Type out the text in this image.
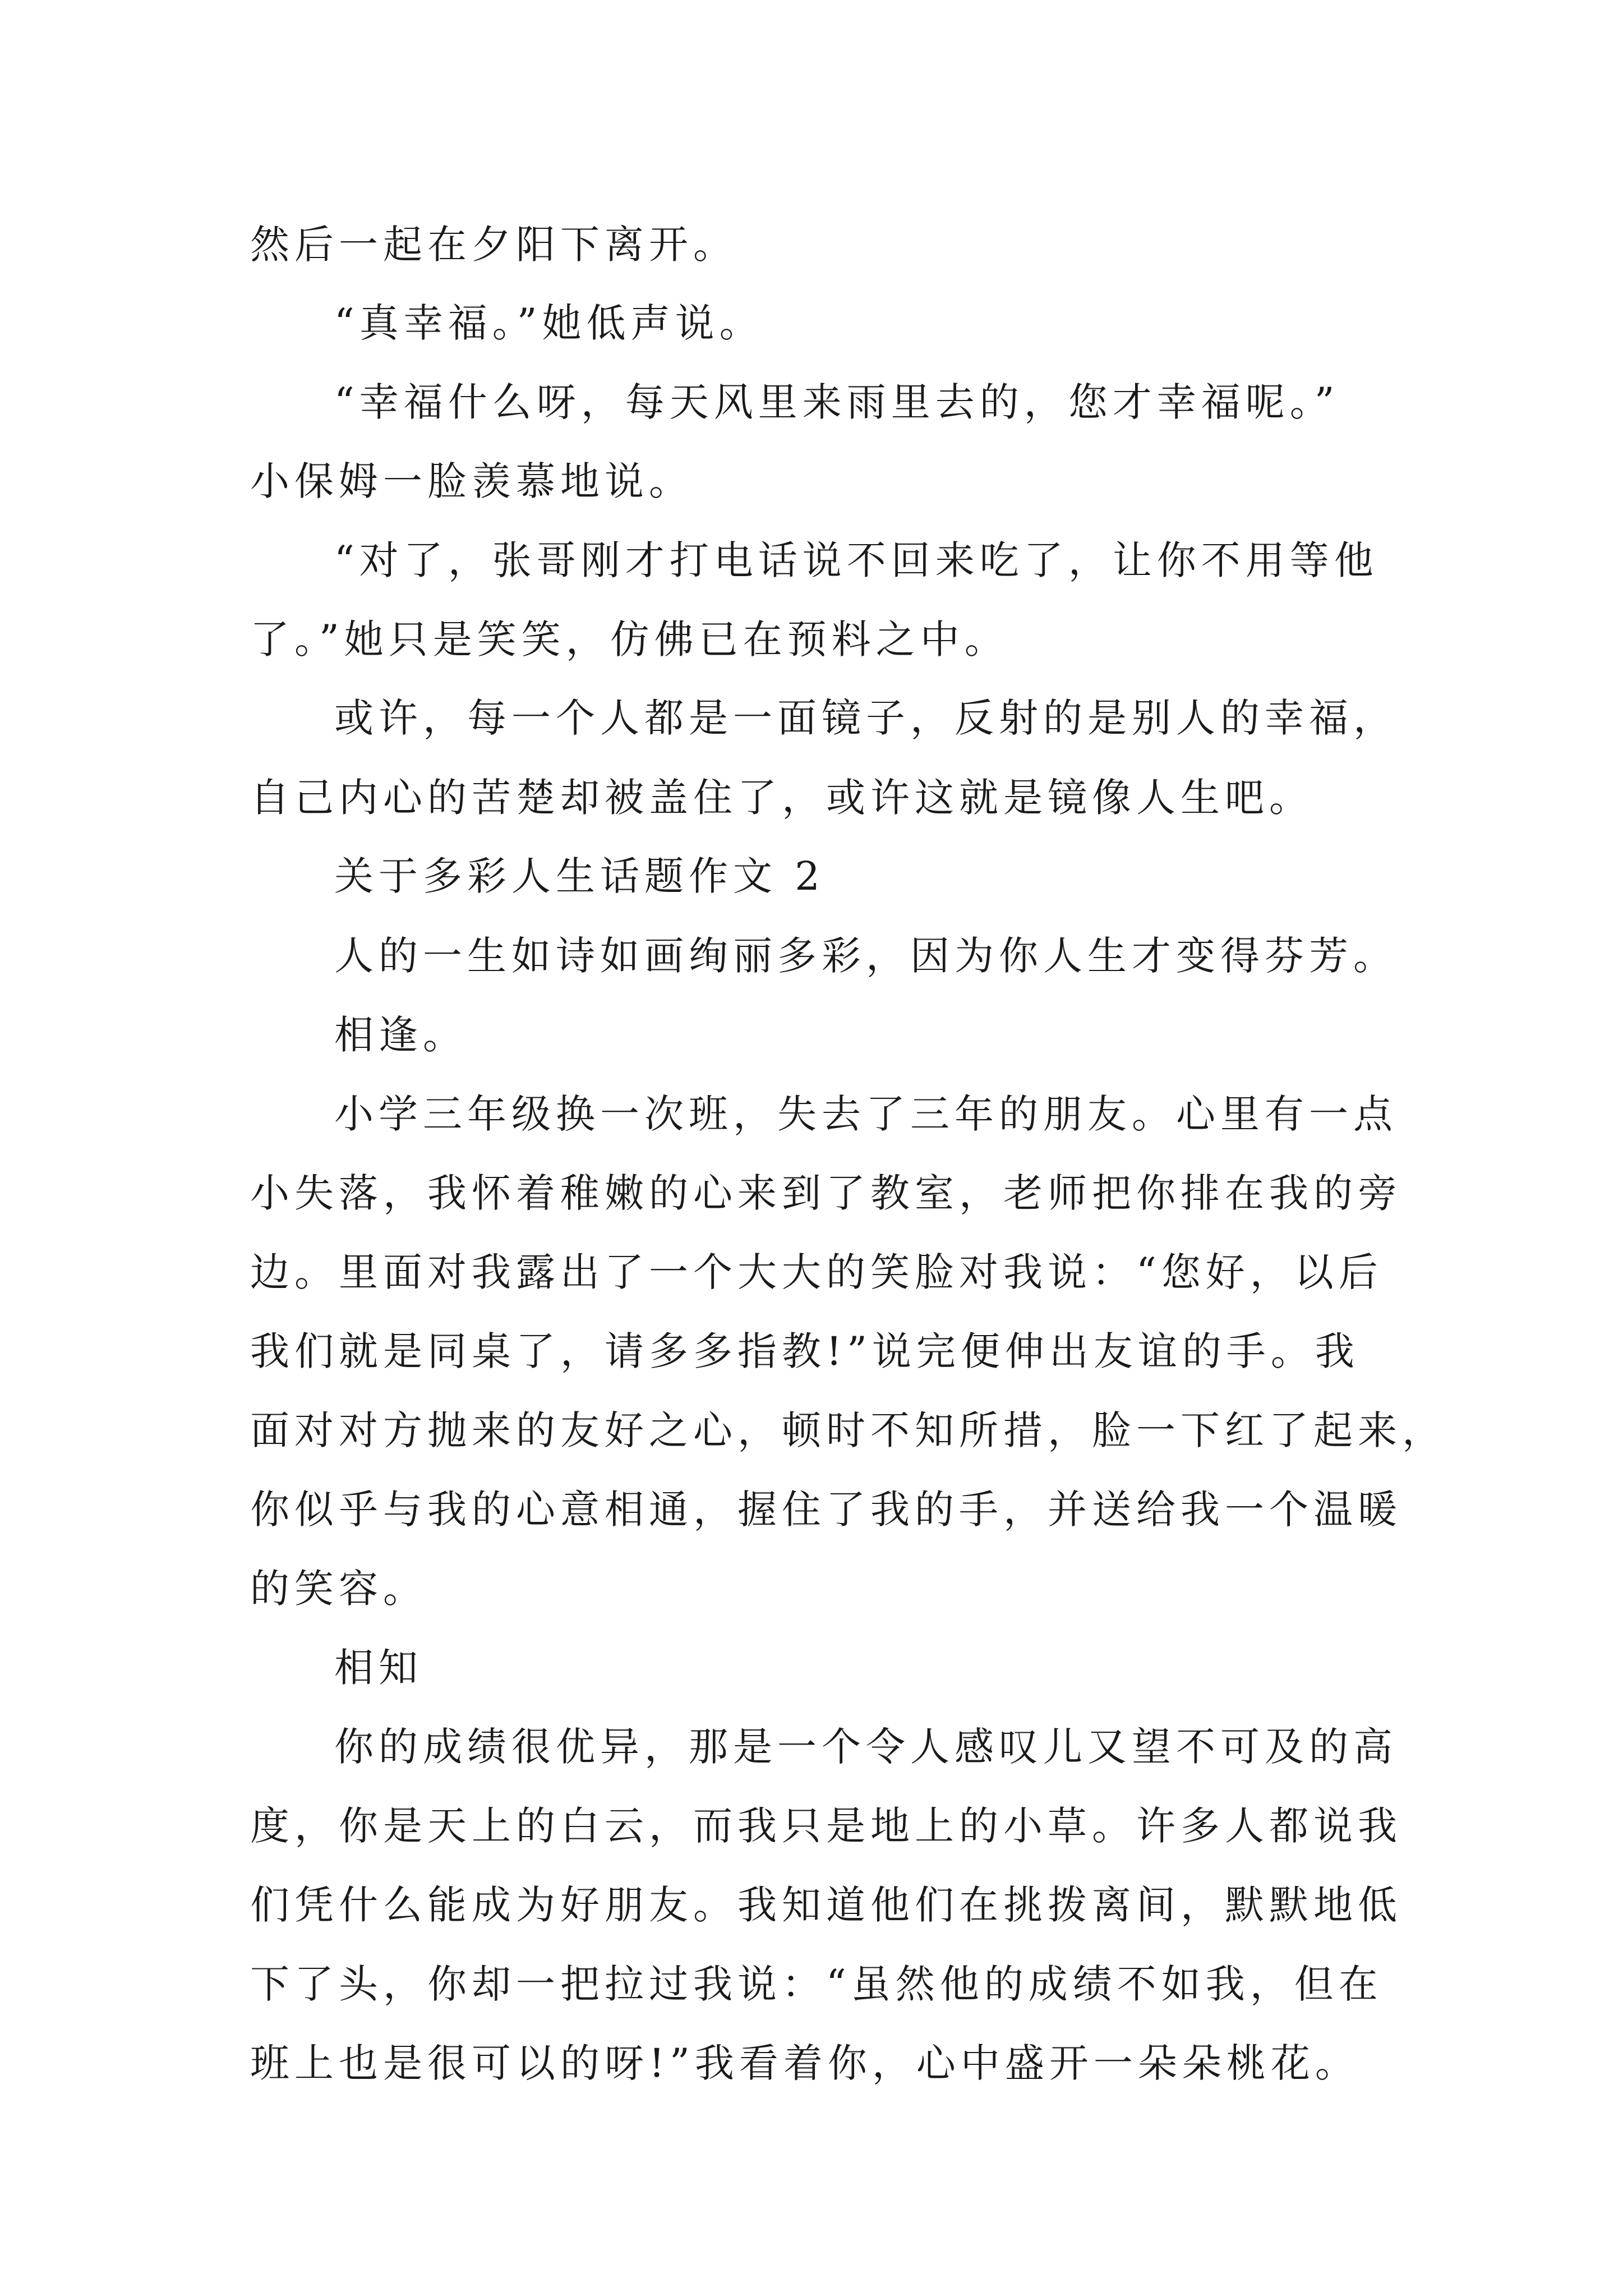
然后一起在夕阳下离开。

“真幸福。”她低声说。

“幸福什么呀，每天风里来雨里去的，您才幸福呢。”

小保姆一脸羡慕地说。

“对了，张哥刚才打电话说不回来吃了，让你不用等他

了。”她只是笑笑，仿佛已在预料之中。

或许，每一个人都是一面镜子，反射的是别人的幸福，

自己内心的苦楚却被盖住了，或许这就是镜像人生吧。

关于多彩人生话题作文 2

人的一生如诗如画绚丽多彩，因为你人生才变得芬芳。

相逢。

小学三年级换一次班，失去了三年的朋友。心里有一点

小失落，我怀着稚嫩的心来到了教室，老师把你排在我的旁

边。里面对我露出了一个大大的笑脸对我说：“您好，以后

我们就是同桌了，请多多指教!”说完便伸出友谊的手。我

面对对方抛来的友好之心，顿时不知所措，脸一下红了起来，

你似乎与我的心意相通，握住了我的手，并送给我一个温暖

的笑容。

相知

你的成绩很优异，那是一个令人感叹儿又望不可及的高

度，你是天上的白云，而我只是地上的小草。许多人都说我

们凭什么能成为好朋友。我知道他们在挑拨离间，默默地低

下了头，你却一把拉过我说：“虽然他的成绩不如我，但在

班上也是很可以的呀!”我看着你，心中盛开一朵朵桃花。
